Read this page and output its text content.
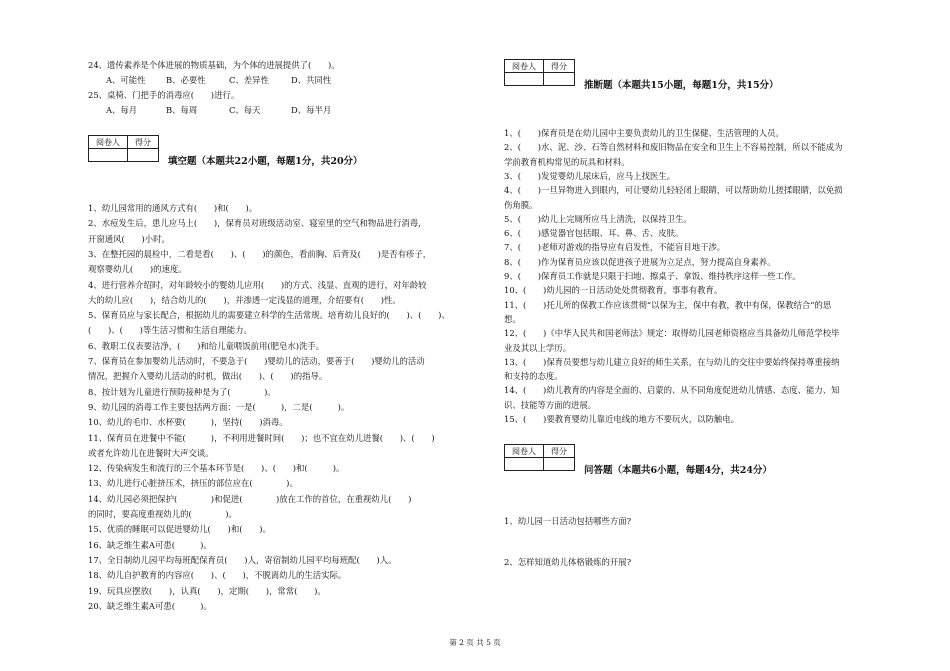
24、遗传素养是个体进展的物质基础，为个体的进展提供了(　　)。
A、可能性 B、必要性	C、差异性	D、共同性
25、桌椅、门把手的消毒应(　　)进行。
A、每月	B、每周	C、每天	D、每半月
阅卷人	得分

填空题（本题共22小题，每题1分，共20分）
1、幼儿园常用的通风方式有(　　)和(　　)。
2、水痘发生后，患儿应马上(　　)，保育员对班级活动室、寝室里的空气和物品进行消毒，
开窗通风(　　)小时。
3、在整托园的晨检中，二看是看(　　)、(　　)的颜色，看前胸、后背及(　　)是否有疹子，
观察婴幼儿(　　)的速度。
4、进行营养介绍时，对年龄较小的婴幼儿应用(　　)的方式、浅显、直观的进行，对年龄较
大的幼儿应(　　)，结合幼儿的(　　)，并渗透一定浅显的道理，介绍要有(　　)性。
5、保育员应与家长配合，根据幼儿的需要建立科学的生活常规。培育幼儿良好的(　　)、(　　)、
(　　)、(　　)等生活习惯和生活自理能力。
6、教职工仪表要洁净，(　　)和给儿童喂饭前用(肥皂水)洗手。
7、保育员在参加婴幼儿活动时，不要急于(　　)婴幼儿的活动，要善于(　　)婴幼儿的活动
情况，把握介入婴幼儿活动的时机，做出(　　)、(　　)的指导。
8、按计划为儿童进行预防接种是为了(　　　　)。
9、幼儿园的消毒工作主要包括两方面：一是(　　　)，二是(　　　)。
10、幼儿的毛巾、水杯要(　　　)，坚持(　　)消毒。
11、保育员在进餐中不能(　　　)，不利用进餐时间(　　)；也不宜在幼儿进餐(　　)、(　　)
或者允许幼儿在进餐时大声交谈。
12、传染病发生和流行的三个基本环节是(　　)、(　　)和(　　　)。
13、幼儿进行心脏挤压术，挤压的部位应在(　　　　)。
14、幼儿园必须把保护(　　　　)和促进(　　　　)放在工作的首位，在重视幼儿(　　)
的同时，要高度重视幼儿的(　　　　)。
15、优质的睡眠可以促进婴幼儿(　　)和(　　)。
16、缺乏维生素A可患(　　　)。
17、全日制幼儿园平均每班配保育员(　　)人，寄宿制幼儿园平均每班配(　　)人。
18、幼儿自护教育的内容应(　　)、(　　)，不脱离幼儿的生活实际。
19、玩具应摆放(　　)，认真(　　)，定期(　　)，常常(　　)。
20、缺乏维生素A可患(　　　)。
阅卷人	得分

推断题（本题共15小题，每题1分，共15分）
1、(　　)保育员是在幼儿园中主要负责幼儿的卫生保健、生活管理的人员。
2、(　　)水、泥、沙、石等自然材料和废旧物品在安全和卫生上不容易控制，所以不能成为
学前教育机构常见的玩具和材料。
3、(　　)发觉婴幼儿尿床后，应马上找医生。
4、(　　)一旦异物进入到眼内，可让婴幼儿轻轻闭上眼睛，可以帮助幼儿搓揉眼睛，以免损
伤角膜。
5、(　　)幼儿上完厕所应马上清洗，以保持卫生。
6、(　　)感觉器官包括眼、耳、鼻、舌、皮肤。
7、(　　)老师对游戏的指导应有启发性，不能盲目地干涉。
8、(　　)作为保育员应该以促进孩子进展为立足点，努力提高自身素养。
9、(　　)保育员工作就是只限于扫地、擦桌子、拿饭、维持秩序这样一些工作。
10、(　　)幼儿园的一日活动处处贯彻教育，事事有教育。
11、(　　)托儿所的保教工作应该贯彻“以保为主，保中有教，教中有保，保教结合”的思
想。
12、(　　)《中华人民共和国老师法》规定：取得幼儿园老师资格应当具备幼儿师范学校毕
业及其以上学历。
13、(　　)保育员要想与幼儿建立良好的师生关系，在与幼儿的交往中要始终保持尊重接纳
和支持的态度。
14、(　　)幼儿教育的内容是全面的、启蒙的、从不同角度促进幼儿情感、态度、能力、知
识、技能等方面的进展。
15、(　　)要教育婴幼儿靠近电线的地方不要玩火，以防触电。
阅卷人	得分

问答题（本题共6小题，每题4分，共24分）
1、幼儿园一日活动包括哪些方面?
2、怎样知道幼儿体格锻炼的开展?
第 2 页 共 5 页
